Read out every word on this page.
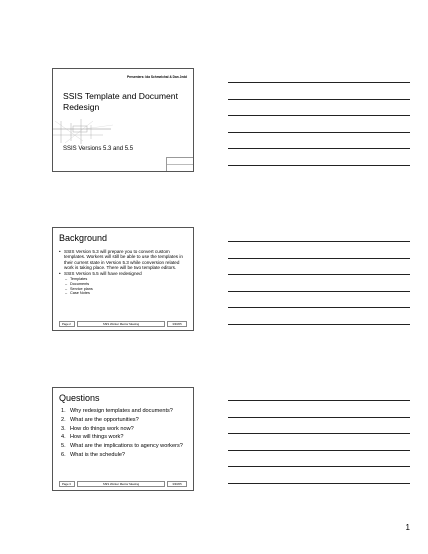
Presenters: Ida Schmelchal & Dan Jedd
SSIS Template and Document Redesign
SSIS Versions 5.3 and 5.5
Background
• SSIS Version 5.3 will prepare you to convert custom templates. Workers will still be able to use the templates in their current state in Version 5.3 while conversion related work is taking place. There will be two template editors.
• SSIS Version 5.5 will have redesigned
– Templates
– Documents
– Service plans
– Case Notes
Page 2	SSIS Worker Mentor Meeting	3/30/05
Questions
1. Why redesign templates and documents?
2. What are the opportunities?
3. How do things work now?
4. How will things work?
5. What are the implications to agency workers?
6. What is the schedule?
Page 3	SSIS Worker Mentor Meeting	3/30/05
1
